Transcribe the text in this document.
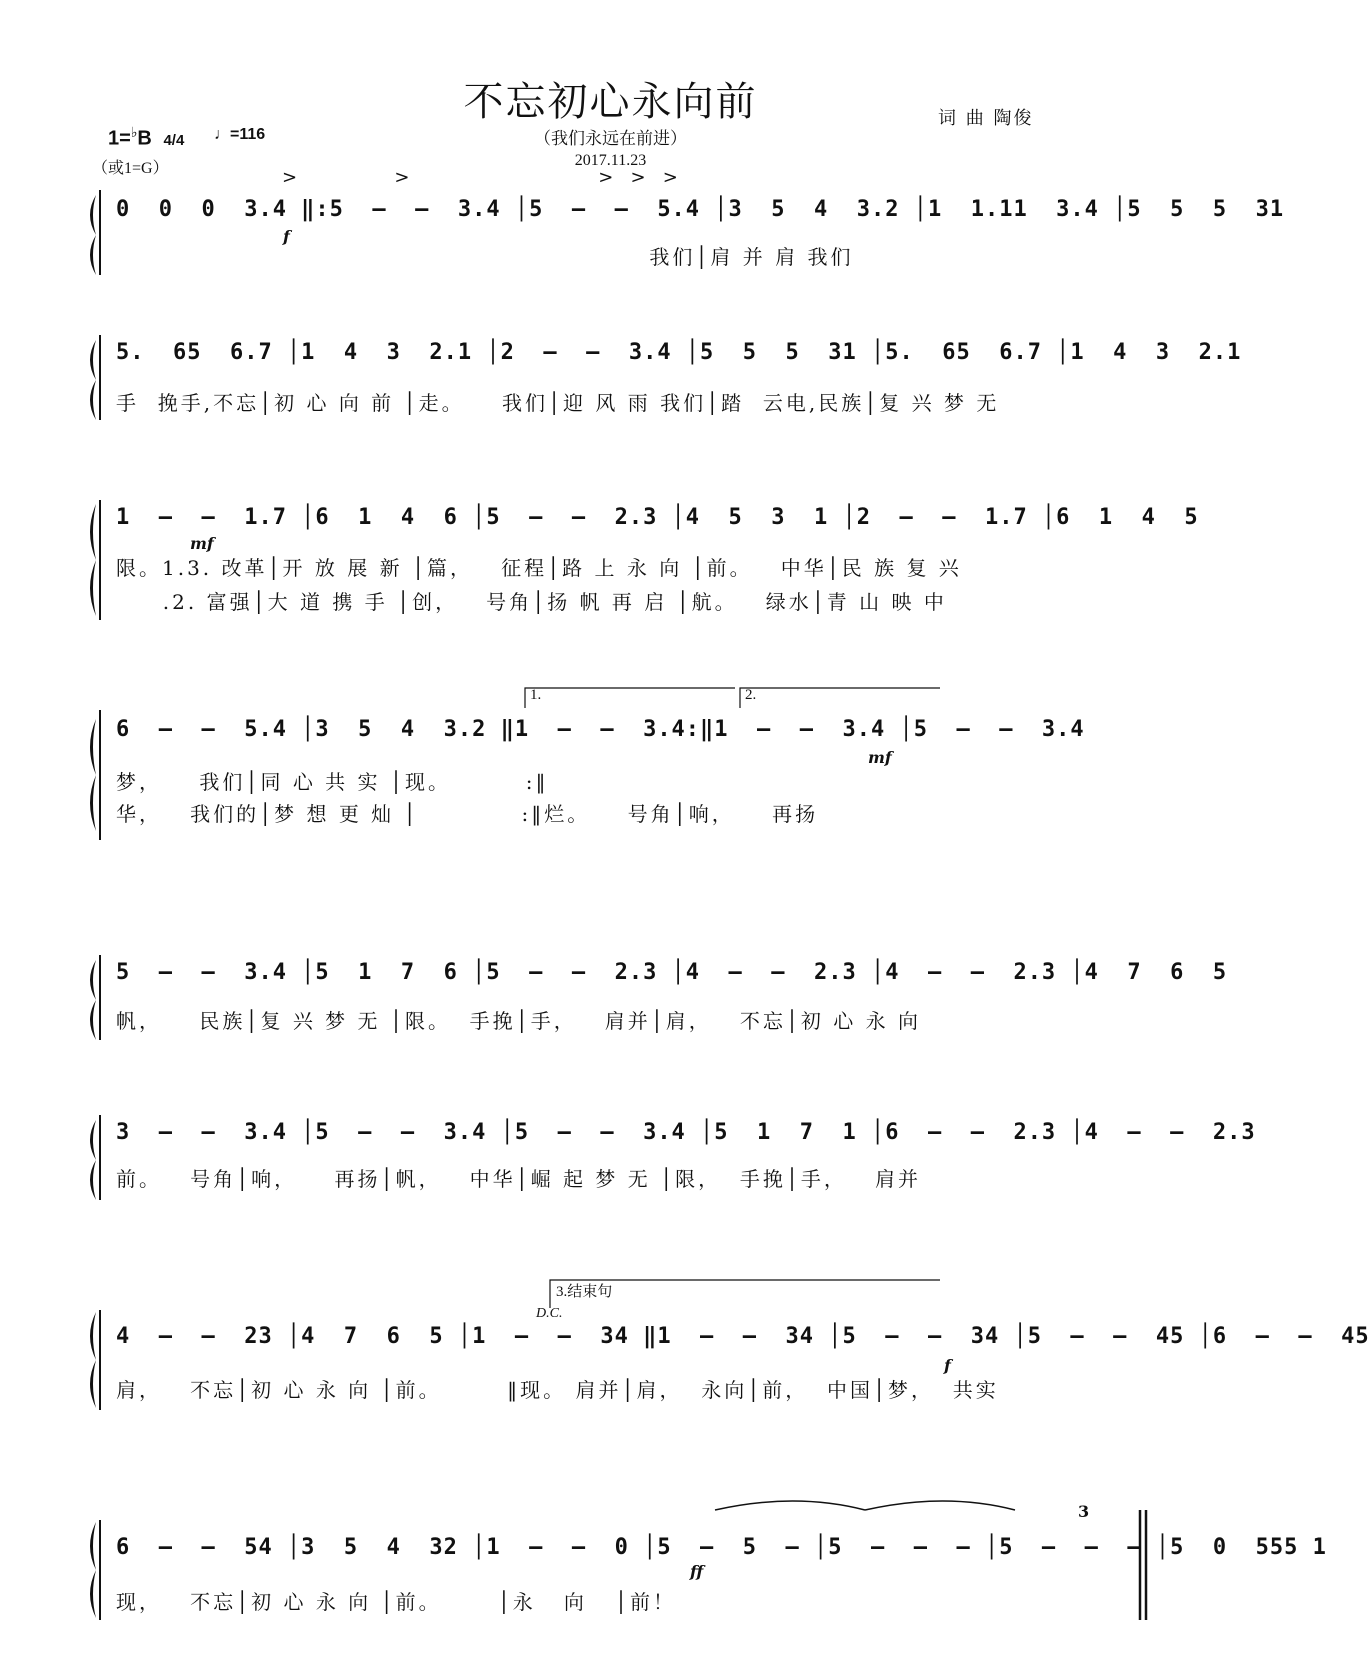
不忘初心永向前
（我们永远在前进）
2017.11.23
词 曲 陶俊
1=♭B 4/4
（或1=G）
♩=116
>                 >                                 >   >   >
0  0  0  3.4 ‖:5  –  –  3.4 │5  –  –  5.4 │3  5  4  3.2 │1  1.11  3.4 │5  5  5  31
f
我们│肩 并 肩 我们
5.  65  6.7 │1  4  3  2.1 │2  –  –  3.4 │5  5  5  31 │5.  65  6.7 │1  4  3  2.1
手  挽手,不忘│初 心 向 前 │走。    我们│迎 风 雨 我们│踏  云电,民族│复 兴 梦 无
1  –  –  1.7 │6  1  4  6 │5  –  –  2.3 │4  5  3  1 │2  –  –  1.7 │6  1  4  5
mf
限。1.3. 改革│开 放 展 新 │篇，   征程│路 上 永 向 │前。   中华│民 族 复 兴
.2. 富强│大 道 携 手 │创，   号角│扬 帆 再 启 │航。   绿水│青 山 映 中
1.	2.
6  –  –  5.4 │3  5  4  3.2 ‖1  –  –  3.4:‖1  –  –  3.4 │5  –  –  3.4
mf
梦，    我们│同 心 共 实 │现。        :‖
华，   我们的│梦 想 更 灿 │           :‖烂。    号角│响，    再扬
5  –  –  3.4 │5  1  7  6 │5  –  –  2.3 │4  –  –  2.3 │4  –  –  2.3 │4  7  6  5
帆，    民族│复 兴 梦 无 │限。  手挽│手，   肩并│肩，   不忘│初 心 永 向
3  –  –  3.4 │5  –  –  3.4 │5  –  –  3.4 │5  1  7  1 │6  –  –  2.3 │4  –  –  2.3
前。   号角│响，    再扬│帆，   中华│崛 起 梦 无 │限，  手挽│手，   肩并
3.结束句
D.C.
4  –  –  23 │4  7  6  5 │1  –  –  34 ‖1  –  –  34 │5  –  –  34 │5  –  –  45 │6  –  –  45
f
肩，   不忘│初 心 永 向 │前。       ‖现。 肩并│肩，  永向│前，  中国│梦，  共实
6  –  –  54 │3  5  4  32 │1  –  –  0 │5  –  5  – │5  –  –  – │5  –  –  – │5  0  555 1
ff
3
现，   不忘│初 心 永 向 │前。      │永   向   │前！
